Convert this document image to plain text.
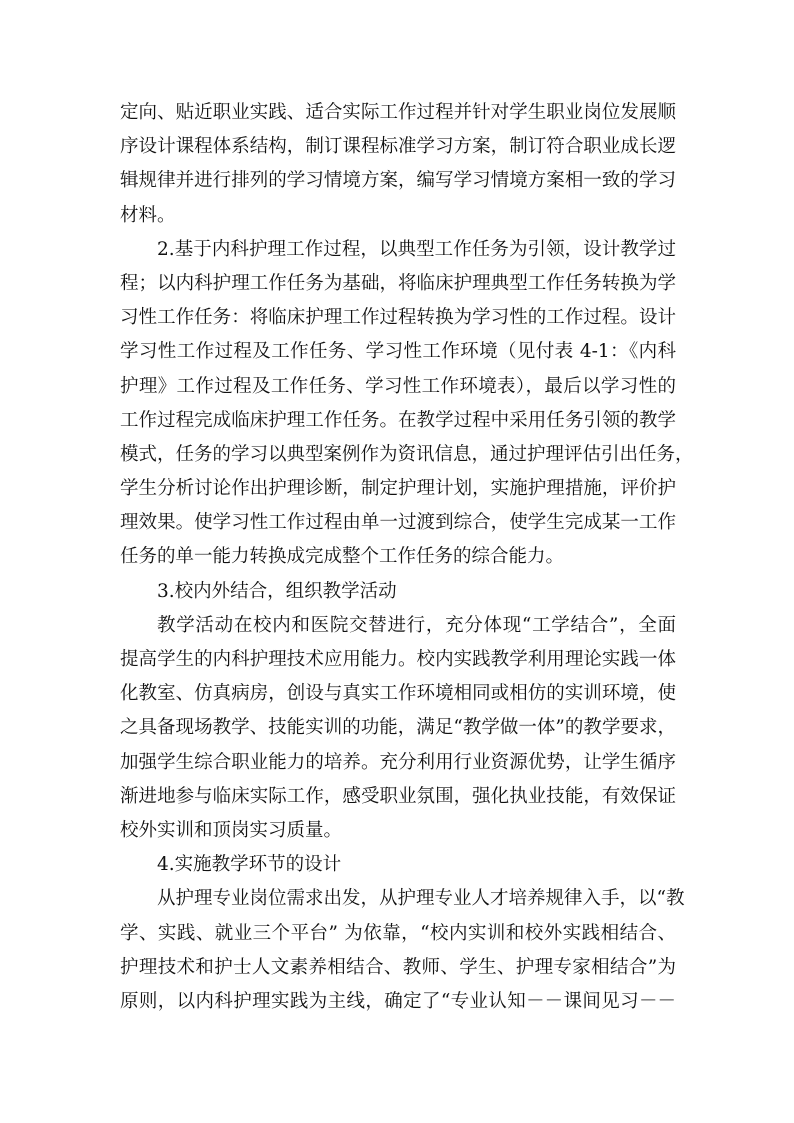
定向、贴近职业实践、适合实际工作过程并针对学生职业岗位发展顺
序设计课程体系结构，制订课程标准学习方案，制订符合职业成长逻
辑规律并进行排列的学习情境方案，编写学习情境方案相一致的学习
材料。
2.基于内科护理工作过程，以典型工作任务为引领，设计教学过
程；以内科护理工作任务为基础，将临床护理典型工作任务转换为学
习性工作任务：将临床护理工作过程转换为学习性的工作过程。设计
学习性工作过程及工作任务、学习性工作环境（见付表 4-1：《内科
护理》工作过程及工作任务、学习性工作环境表），最后以学习性的
工作过程完成临床护理工作任务。在教学过程中采用任务引领的教学
模式，任务的学习以典型案例作为资讯信息，通过护理评估引出任务，
学生分析讨论作出护理诊断，制定护理计划，实施护理措施，评价护
理效果。使学习性工作过程由单一过渡到综合，使学生完成某一工作
任务的单一能力转换成完成整个工作任务的综合能力。
3.校内外结合，组织教学活动
教学活动在校内和医院交替进行，充分体现“工学结合”，全面
提高学生的内科护理技术应用能力。校内实践教学利用理论实践一体
化教室、仿真病房，创设与真实工作环境相同或相仿的实训环境，使
之具备现场教学、技能实训的功能，满足“教学做一体”的教学要求，
加强学生综合职业能力的培养。充分利用行业资源优势，让学生循序
渐进地参与临床实际工作，感受职业氛围，强化执业技能，有效保证
校外实训和顶岗实习质量。
4.实施教学环节的设计
从护理专业岗位需求出发，从护理专业人才培养规律入手，以“教
学、实践、就业三个平台” 为依靠，“校内实训和校外实践相结合、
护理技术和护士人文素养相结合、教师、学生、护理专家相结合”为
原则，以内科护理实践为主线，确定了“专业认知－－课间见习－－
